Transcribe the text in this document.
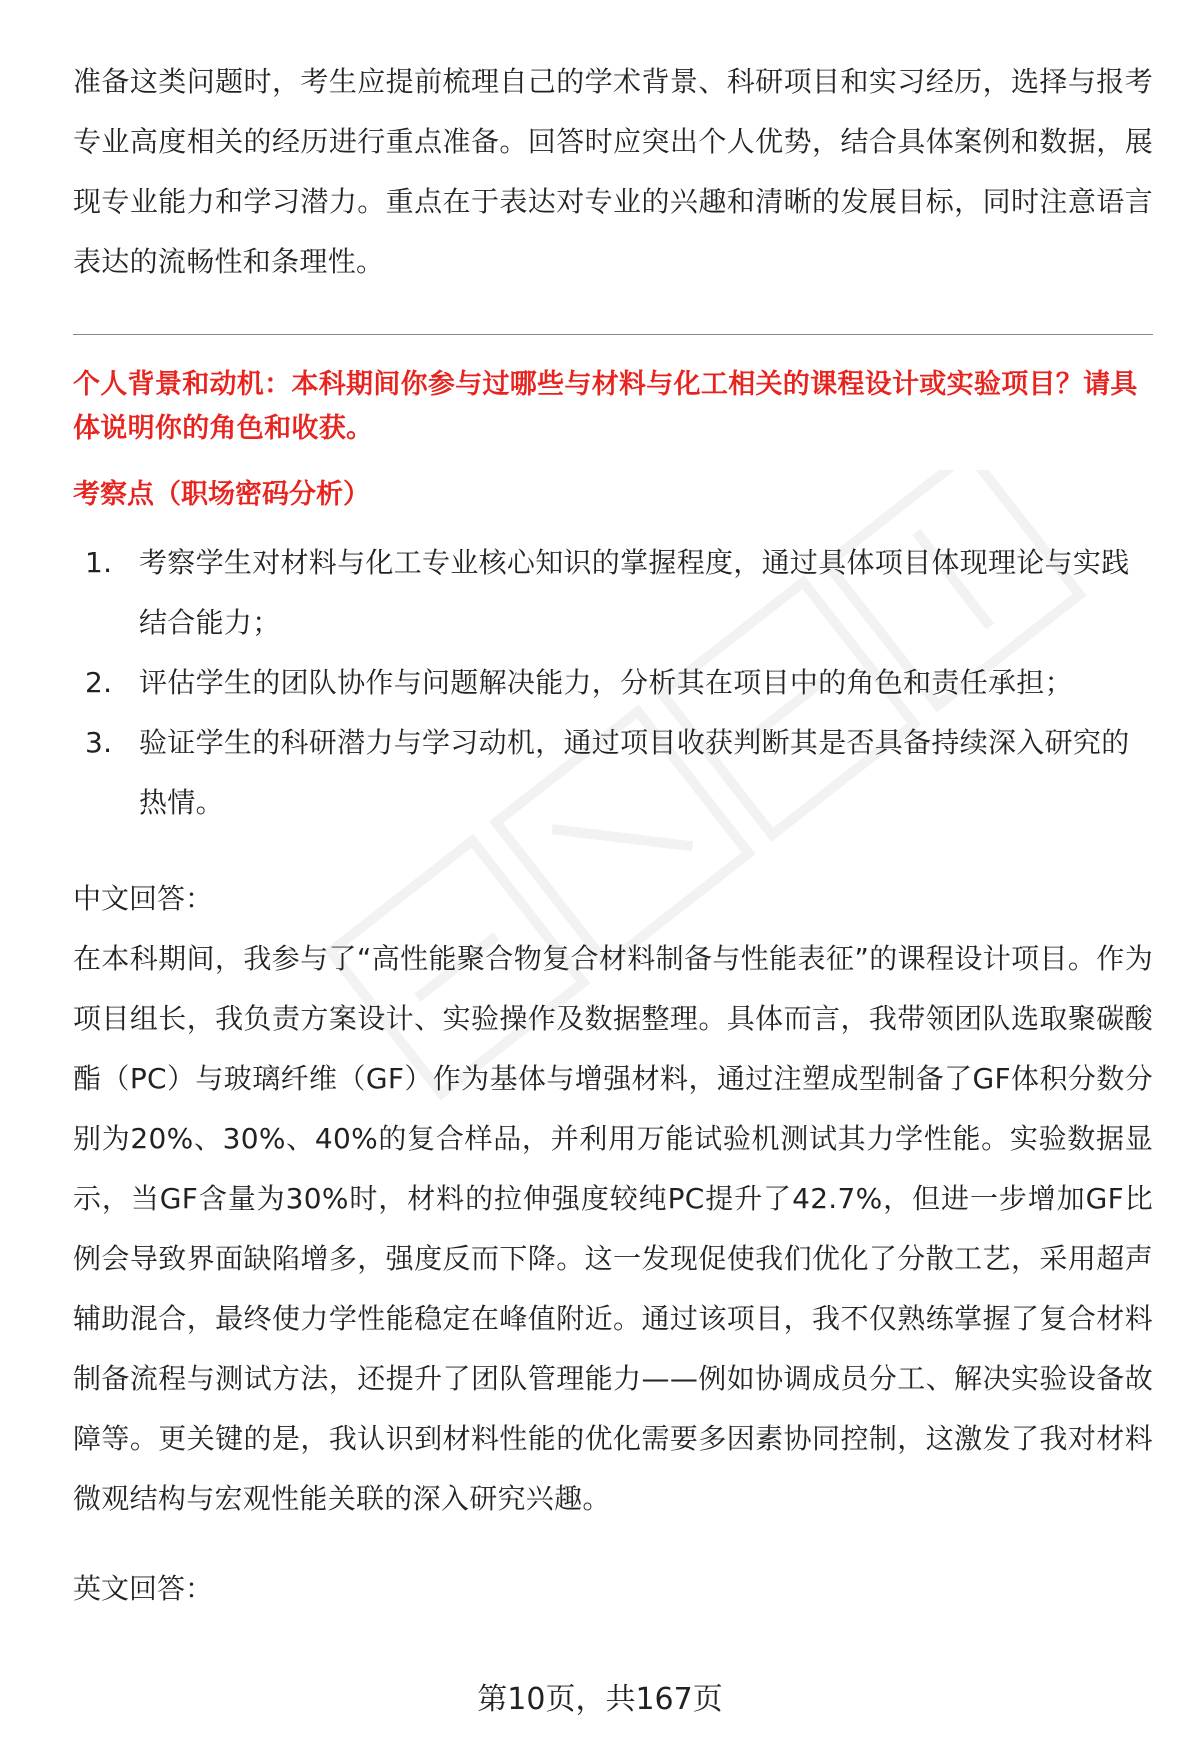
准备这类问题时，考生应提前梳理自己的学术背景、科研项目和实习经历，选择与报考专业高度相关的经历进行重点准备。回答时应突出个人优势，结合具体案例和数据，展现专业能力和学习潜力。重点在于表达对专业的兴趣和清晰的发展目标，同时注意语言表达的流畅性和条理性。

个人背景和动机：本科期间你参与过哪些与材料与化工相关的课程设计或实验项目？请具体说明你的角色和收获。

考察点（职场密码分析）
1. 考察学生对材料与化工专业核心知识的掌握程度，通过具体项目体现理论与实践结合能力；
2. 评估学生的团队协作与问题解决能力，分析其在项目中的角色和责任承担；
3. 验证学生的科研潜力与学习动机，通过项目收获判断其是否具备持续深入研究的热情。
中文回答：

在本科期间，我参与了“高性能聚合物复合材料制备与性能表征”的课程设计项目。作为项目组长，我负责方案设计、实验操作及数据整理。具体而言，我带领团队选取聚碳酸酯（PC）与玻璃纤维（GF）作为基体与增强材料，通过注塑成型制备了GF体积分数分别为20%、30%、40%的复合样品，并利用万能试验机测试其力学性能。实验数据显示，当GF含量为30%时，材料的拉伸强度较纯PC提升了42.7%，但进一步增加GF比例会导致界面缺陷增多，强度反而下降。这一发现促使我们优化了分散工艺，采用超声辅助混合，最终使力学性能稳定在峰值附近。通过该项目，我不仅熟练掌握了复合材料制备流程与测试方法，还提升了团队管理能力——例如协调成员分工、解决实验设备故障等。更关键的是，我认识到材料性能的优化需要多因素协同控制，这激发了我对材料微观结构与宏观性能关联的深入研究兴趣。

英文回答：
第10页，共167页
